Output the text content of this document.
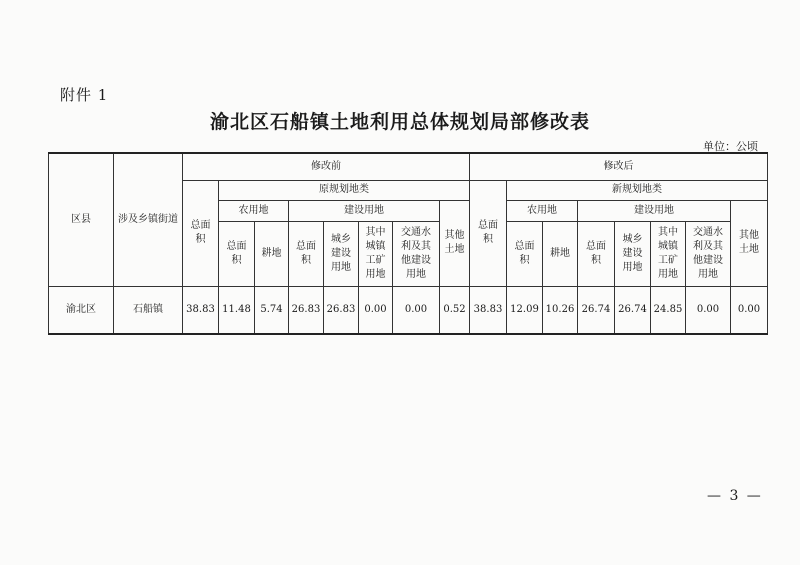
附件 1
渝北区石船镇土地利用总体规划局部修改表
单位：公顷
区县	涉及乡镇街道	修改前								修改后							
		总面积	原规划地类							总面积	新规划地类						
			农用地		建设用地				其他土地		农用地		建设用地				其他土地
			总面积	耕地	总面积	城乡建设用地	其中城镇工矿用地	交通水利及其他建设用地			总面积	耕地	总面积	城乡建设用地	其中城镇工矿用地	交通水利及其他建设用地	
渝北区	石船镇	38.83	11.48	5.74	26.83	26.83	0.00	0.00	0.52	38.83	12.09	10.26	26.74	26.74	24.85	0.00	0.00
— 3 —
